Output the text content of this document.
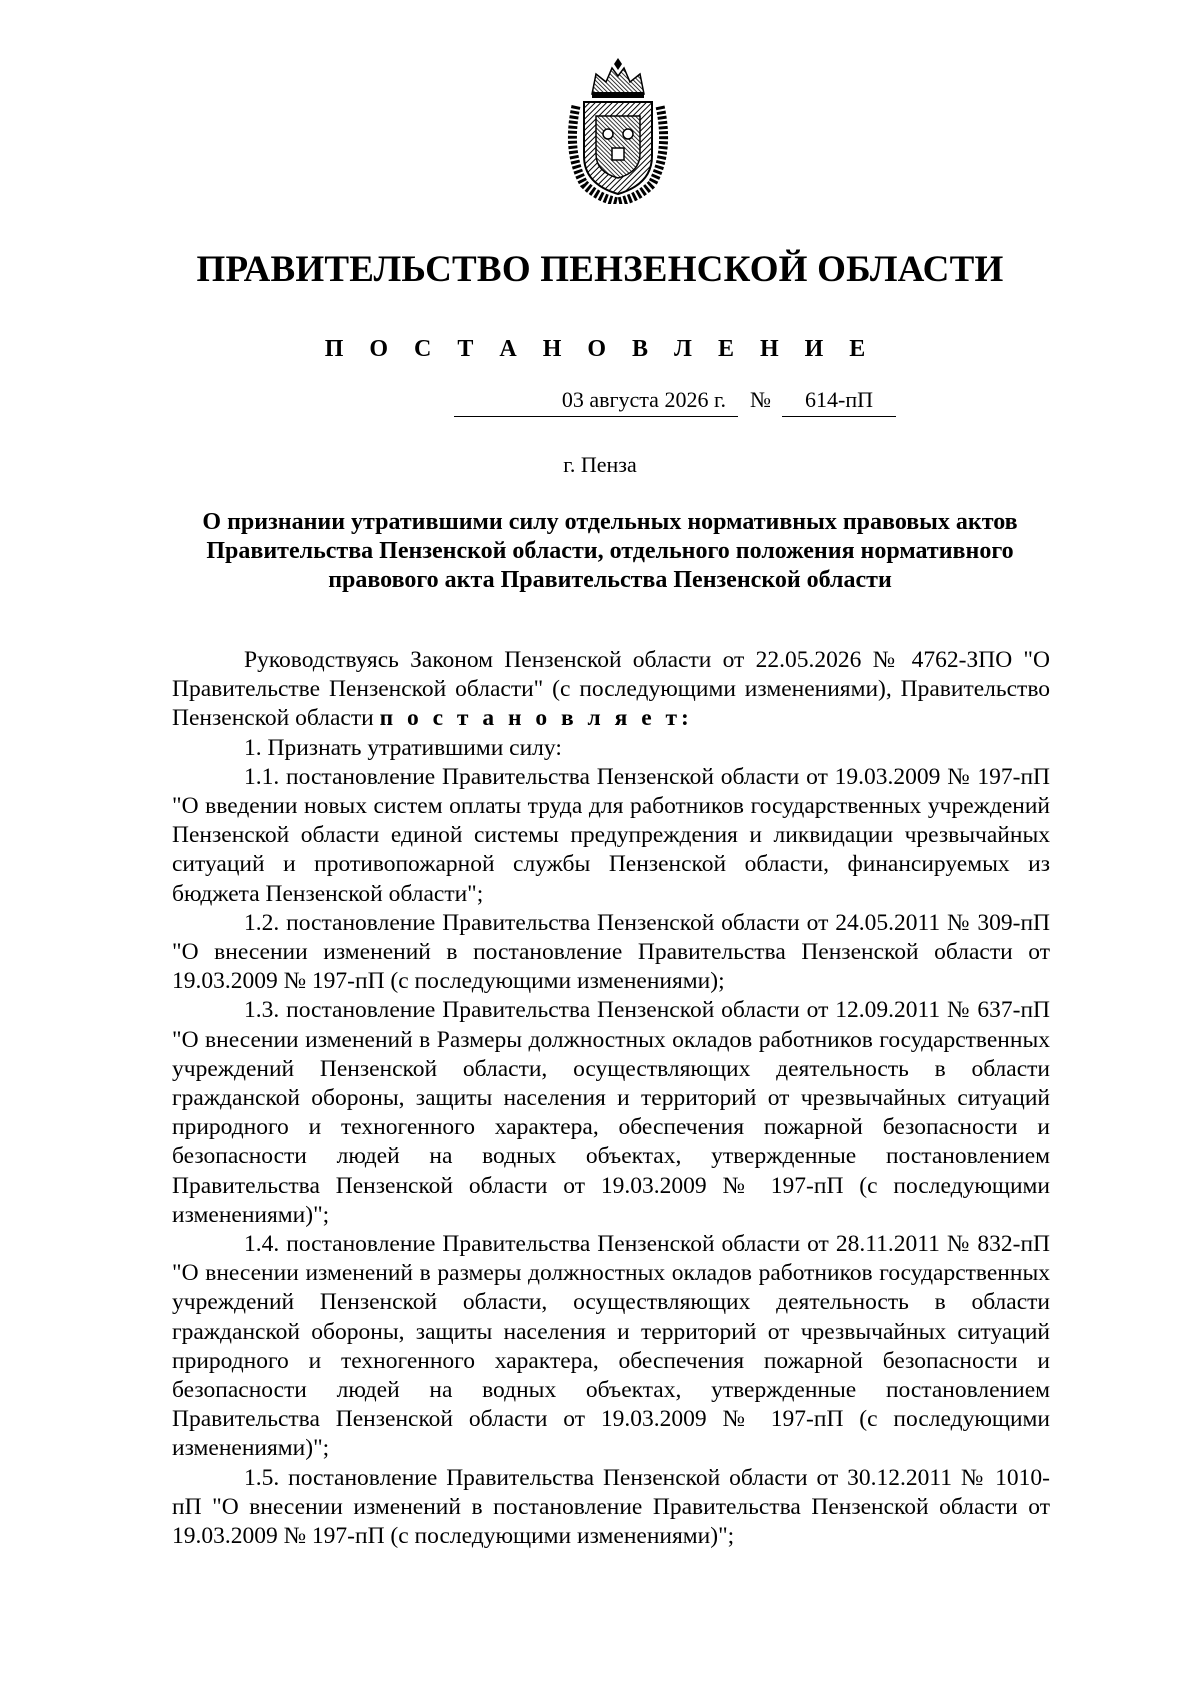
ПРАВИТЕЛЬСТВО ПЕНЗЕНСКОЙ ОБЛАСТИ
П О С Т А Н О В Л Е Н И Е
03 августа 2026 г.	№	614-пП
г. Пенза
О признании утратившими силу отдельных нормативных правовых актов
Правительства Пензенской области, отдельного положения нормативного
правового акта Правительства Пензенской области

Руководствуясь Законом Пензенской области от 22.05.2026 № 4762-ЗПО "О Правительстве Пензенской области" (с последующими изменениями), Правительство Пензенской области п о с т а н о в л я е т:

1. Признать утратившими силу:

1.1. постановление Правительства Пензенской области от 19.03.2009 № 197-пП "О введении новых систем оплаты труда для работников государственных учреждений Пензенской области единой системы предупреждения и ликвидации чрезвычайных ситуаций и противопожарной службы Пензенской области, финансируемых из бюджета Пензенской области";

1.2. постановление Правительства Пензенской области от 24.05.2011 № 309-пП "О внесении изменений в постановление Правительства Пензенской области от 19.03.2009 № 197-пП (с последующими изменениями);

1.3. постановление Правительства Пензенской области от 12.09.2011 № 637-пП "О внесении изменений в Размеры должностных окладов работников государственных учреждений Пензенской области, осуществляющих деятельность в области гражданской обороны, защиты населения и территорий от чрезвычайных ситуаций природного и техногенного характера, обеспечения пожарной безопасности и безопасности людей на водных объектах, утвержденные постановлением Правительства Пензенской области от 19.03.2009 № 197-пП (с последующими изменениями)";

1.4. постановление Правительства Пензенской области от 28.11.2011 № 832-пП "О внесении изменений в размеры должностных окладов работников государственных учреждений Пензенской области, осуществляющих деятельность в области гражданской обороны, защиты населения и территорий от чрезвычайных ситуаций природного и техногенного характера, обеспечения пожарной безопасности и безопасности людей на водных объектах, утвержденные постановлением Правительства Пензенской области от 19.03.2009 № 197-пП (с последующими изменениями)";

1.5. постановление Правительства Пензенской области от 30.12.2011 № 1010-пП "О внесении изменений в постановление Правительства Пензенской области от 19.03.2009 № 197-пП (с последующими изменениями)";
